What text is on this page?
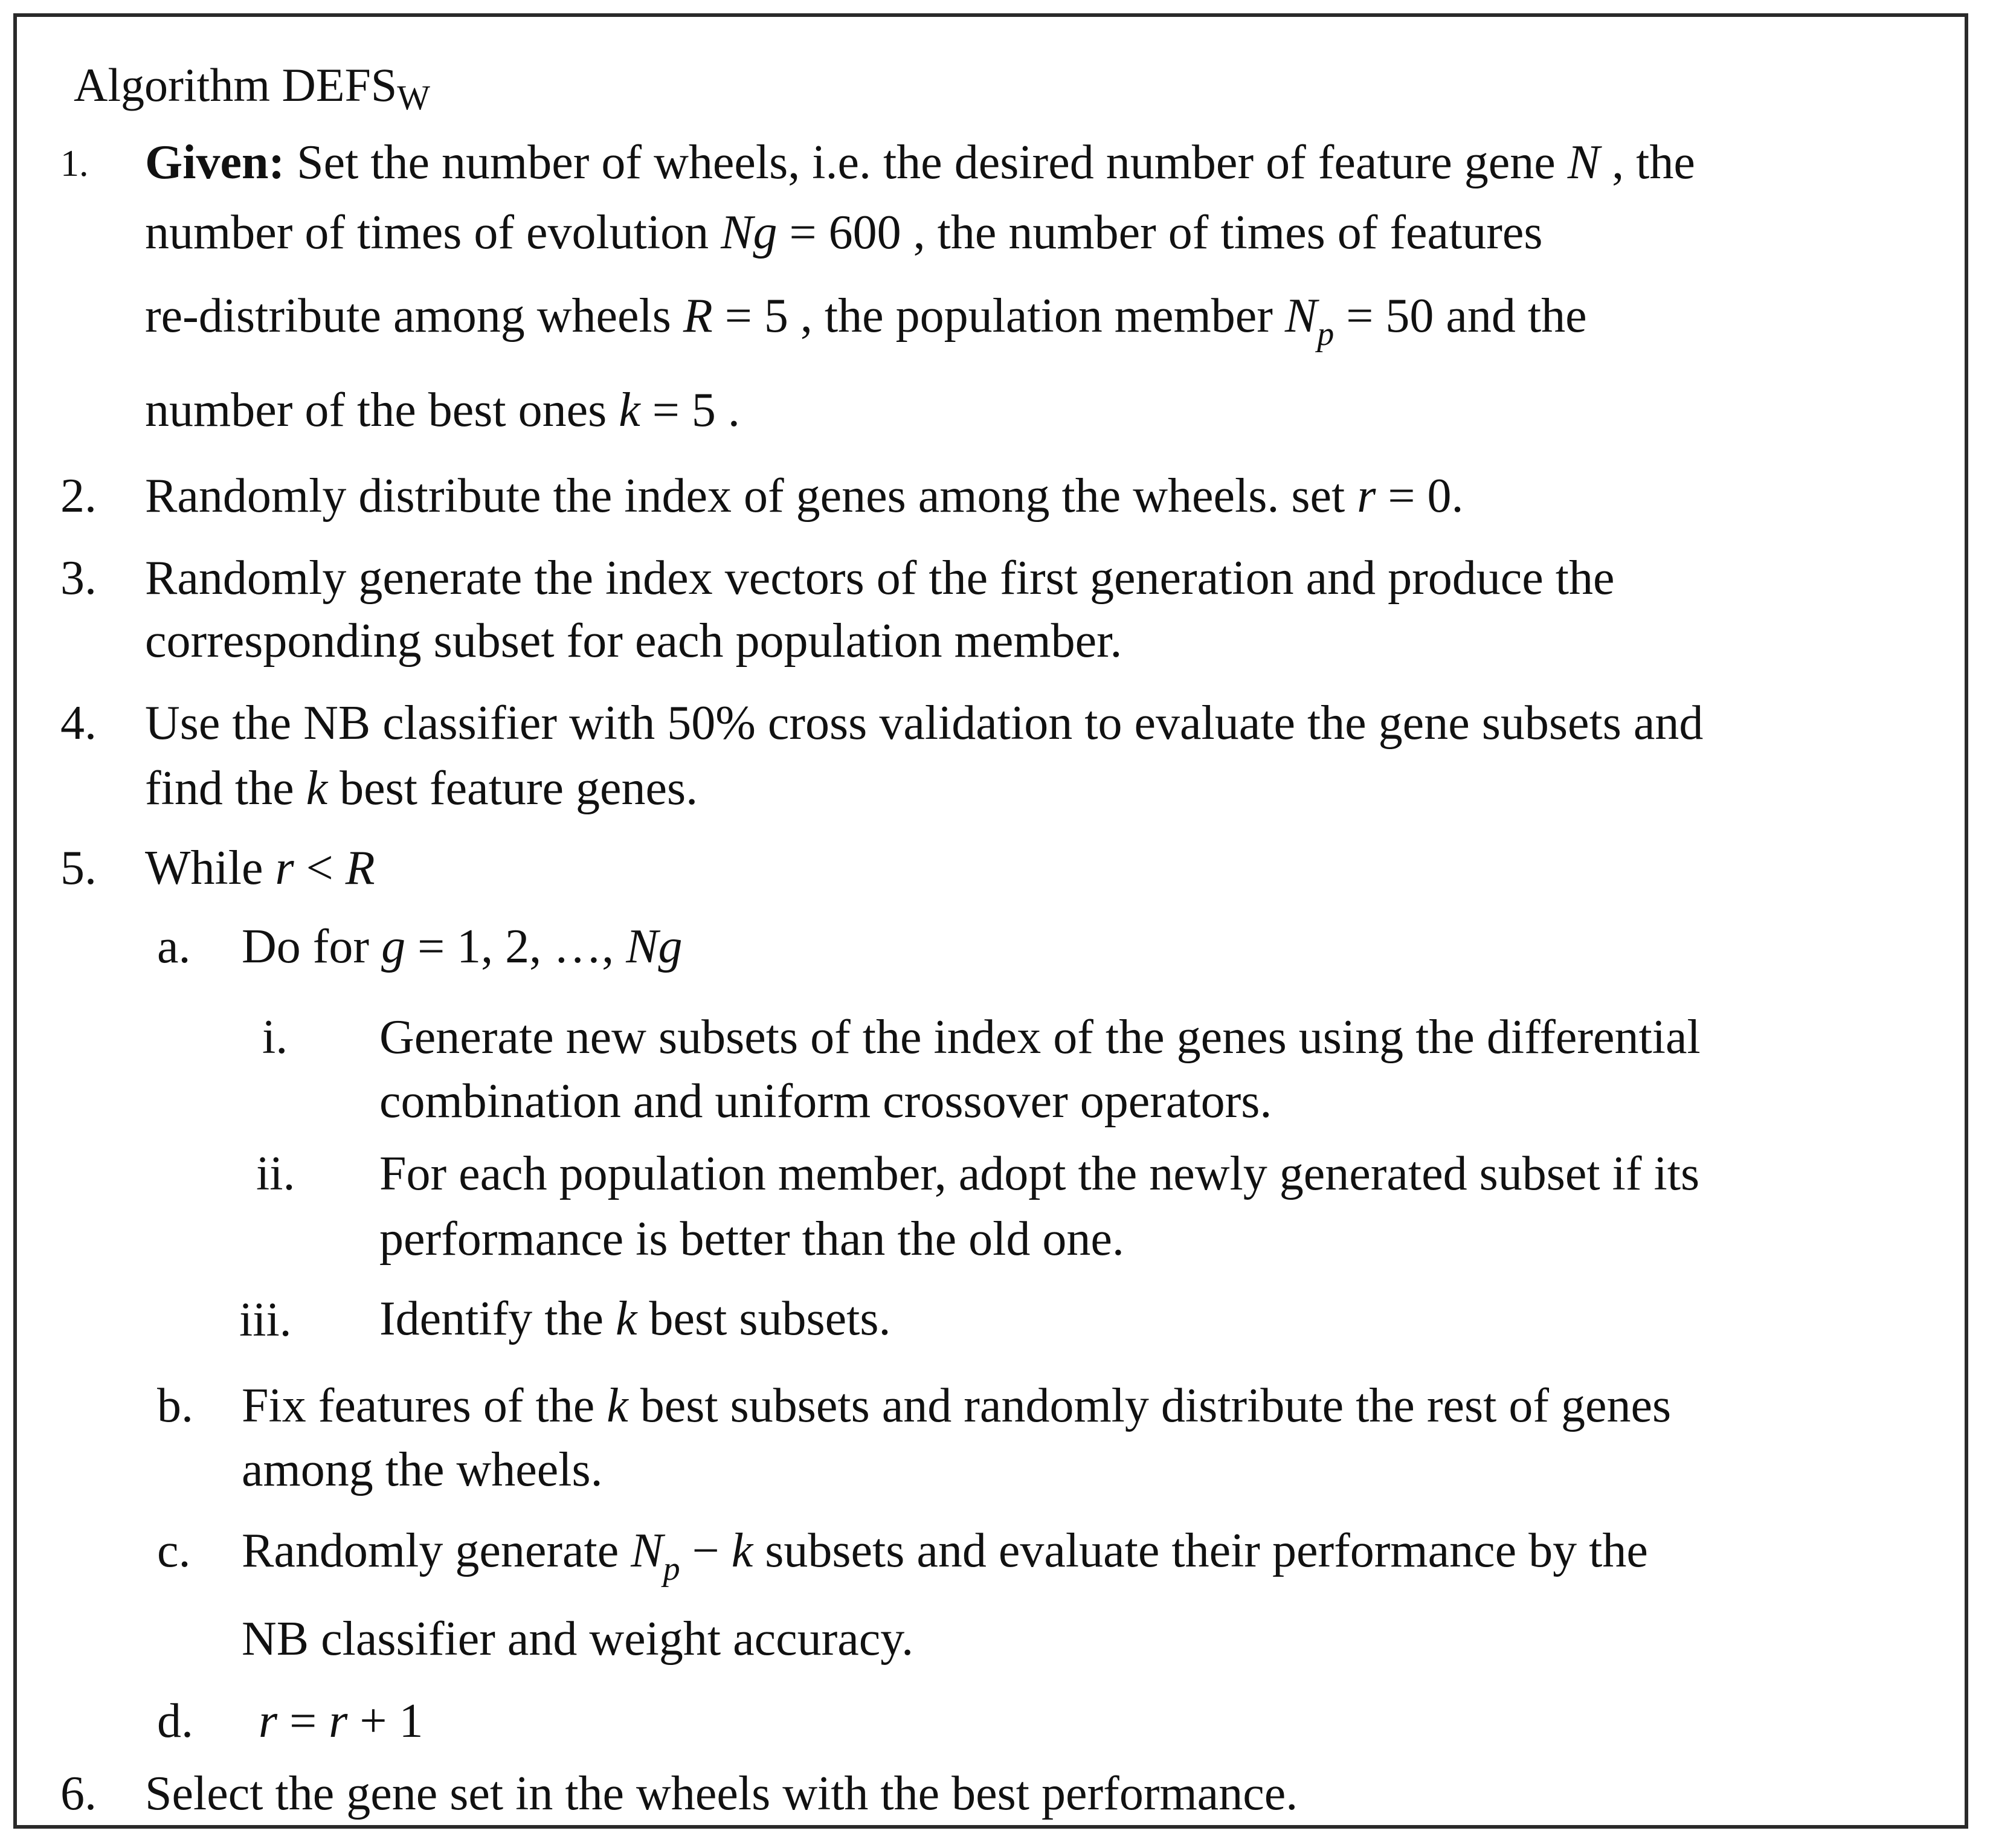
Algorithm DEFSW
1. Given: Set the number of wheels, i.e. the desired number of feature gene N , the
number of times of evolution Ng = 600 , the number of times of features
re-distribute among wheels R = 5 , the population member $N_p = 50$ and the
number of the best ones k = 5 .
2. Randomly distribute the index of genes among the wheels. set r = 0.
3. Randomly generate the index vectors of the first generation and produce the
corresponding subset for each population member.
4. Use the NB classifier with 50% cross validation to evaluate the gene subsets and
find the k best feature genes.
5. While r < R
a. Do for g = 1, 2, …, Ng
i. Generate new subsets of the index of the genes using the differential
combination and uniform crossover operators.
ii. For each population member, adopt the newly generated subset if its
performance is better than the old one.
iii. Identify the k best subsets.
b. Fix features of the k best subsets and randomly distribute the rest of genes
among the wheels.
c. Randomly generate $N_p - k$ subsets and evaluate their performance by the
NB classifier and weight accuracy.
d. r = r + 1
6. Select the gene set in the wheels with the best performance.
